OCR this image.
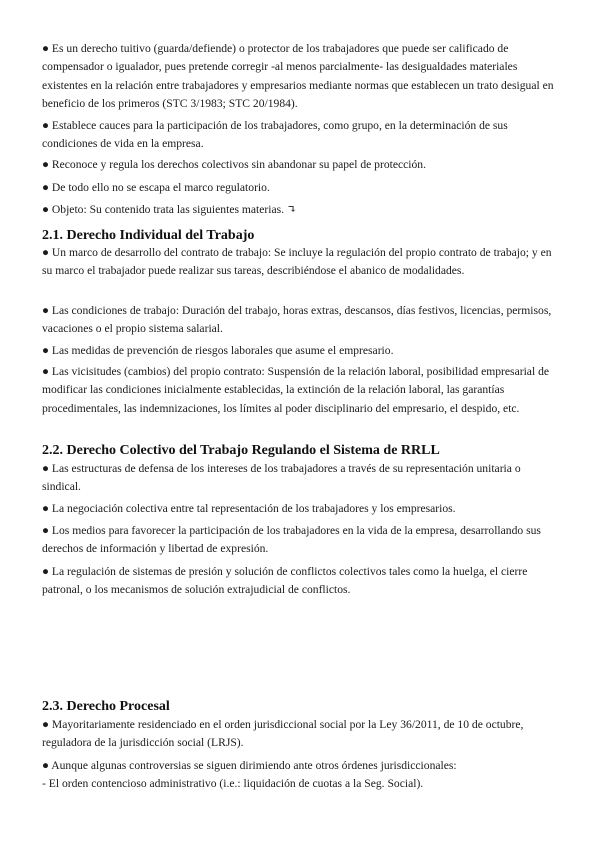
● Es un derecho tuitivo (guarda/defiende) o protector de los trabajadores que puede ser calificado de compensador o igualador, pues pretende corregir -al menos parcialmente- las desigualdades materiales existentes en la relación entre trabajadores y empresarios mediante normas que establecen un trato desigual en beneficio de los primeros (STC 3/1983; STC 20/1984).

● Establece cauces para la participación de los trabajadores, como grupo, en la determinación de sus condiciones de vida en la empresa.

● Reconoce y regula los derechos colectivos sin abandonar su papel de protección.

● De todo ello no se escapa el marco regulatorio.

● Objeto: Su contenido trata las siguientes materias. ↴

2.1. Derecho Individual del Trabajo

● Un marco de desarrollo del contrato de trabajo: Se incluye la regulación del propio contrato de trabajo; y en su marco el trabajador puede realizar sus tareas, describiéndose el abanico de modalidades.

● Las condiciones de trabajo: Duración del trabajo, horas extras, descansos, días festivos, licencias, permisos, vacaciones o el propio sistema salarial.

● Las medidas de prevención de riesgos laborales que asume el empresario.

● Las vicisitudes (cambios) del propio contrato: Suspensión de la relación laboral, posibilidad empresarial de modificar las condiciones inicialmente establecidas, la extinción de la relación laboral, las garantías procedimentales, las indemnizaciones, los límites al poder disciplinario del empresario, el despido, etc.

2.2. Derecho Colectivo del Trabajo Regulando el Sistema de RRLL

● Las estructuras de defensa de los intereses de los trabajadores a través de su representación unitaria o sindical.

● La negociación colectiva entre tal representación de los trabajadores y los empresarios.

● Los medios para favorecer la participación de los trabajadores en la vida de la empresa, desarrollando sus derechos de información y libertad de expresión.

● La regulación de sistemas de presión y solución de conflictos colectivos tales como la huelga, el cierre patronal, o los mecanismos de solución extrajudicial de conflictos.

2.3. Derecho Procesal

● Mayoritariamente residenciado en el orden jurisdiccional social por la Ley 36/2011, de 10 de octubre, reguladora de la jurisdicción social (LRJS).

● Aunque algunas controversias se siguen dirimiendo ante otros órdenes jurisdiccionales:

- El orden contencioso administrativo (i.e.: liquidación de cuotas a la Seg. Social).
